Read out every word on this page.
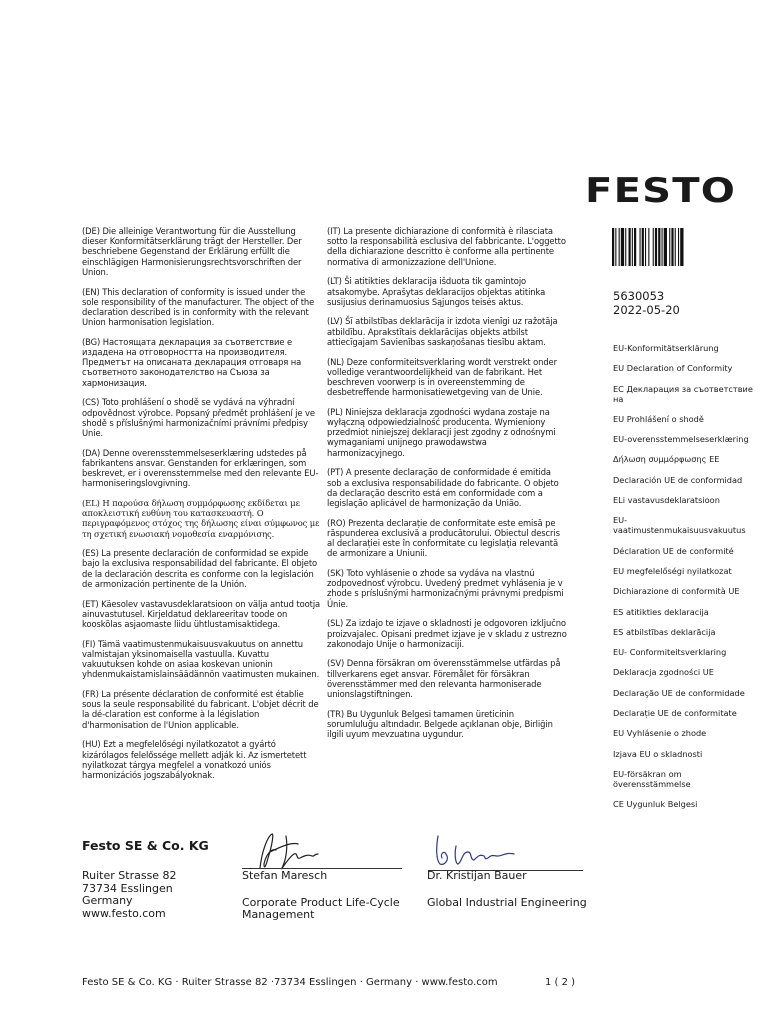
FESTO
5630053
2022-05-20

(DE) Die alleinige Verantwortung für die Ausstellung dieser Konformitätserklärung trägt der Hersteller. Der beschriebene Gegenstand der Erklärung erfüllt die einschlägigen Harmonisierungsrechtsvorschriften der Union.

(EN) This declaration of conformity is issued under the sole responsibility of the manufacturer. The object of the declaration described is in conformity with the relevant Union harmonisation legislation.

(BG) Настоящата декларация за съответствие е издадена на отговорността на производителя. Предметът на описаната декларация отговаря на съответното законодателство на Съюза за хармонизация.

(CS) Toto prohlášení o shodě se vydává na výhradní odpovědnost výrobce. Popsaný předmět prohlášení je ve shodě s příslušnými harmonizačními právními předpisy Unie.

(DA) Denne overensstemmelseserklæring udstedes på fabrikantens ansvar. Genstanden for erklæringen, som beskrevet, er i overensstemmelse med den relevante EU-harmoniseringslovgivning.

(EL) Η παρούσα δήλωση συμμόρφωσης εκδίδεται με αποκλειστική ευθύνη του κατασκευαστή. Ο περιγραφόμενος στόχος της δήλωσης είναι σύμφωνος με τη σχετική ενωσιακή νομοθεσία εναρμόνισης.

(ES) La presente declaración de conformidad se expide bajo la exclusiva responsabilidad del fabricante. El objeto de la declaración descrita es conforme con la legislación de armonización pertinente de la Unión.

(ET) Käesolev vastavusdeklaratsioon on välja antud tootja ainuvastutusel. Kirjeldatud deklareeritav toode on kooskõlas asjaomaste liidu ühtlustamisaktidega.

(FI) Tämä vaatimustenmukaisuusvakuutus on annettu valmistajan yksinomaisella vastuulla. Kuvattu vakuutuksen kohde on asiaa koskevan unionin yhdenmukaistamislainsäädännön vaatimusten mukainen.

(FR) La présente déclaration de conformité est établie sous la seule responsabilité du fabricant. L'objet décrit de la dé-claration est conforme à la législation d'harmonisation de l'Union applicable.

(HU) Ezt a megfelelőségi nyilatkozatot a gyártó kizárólagos felelőssége mellett adják ki. Az ismertetett nyilatkozat tárgya megfelel a vonatkozó uniós harmonizációs jogszabályoknak.

(IT) La presente dichiarazione di conformità è rilasciata sotto la responsabilità esclusiva del fabbricante. L'oggetto della dichiarazione descritto è conforme alla pertinente normativa di armonizzazione dell'Unione.

(LT) Ši atitikties deklaracija išduota tik gamintojo atsakomybe. Aprašytas deklaracijos objektas atitinka susijusius derinamuosius Sąjungos teisės aktus.

(LV) Šī atbilstības deklarācija ir izdota vienīgi uz ražotāja atbildību. Aprakstītais deklarācijas objekts atbilst attiecīgajam Savienības saskaņošanas tiesību aktam.

(NL) Deze conformiteitsverklaring wordt verstrekt onder volledige verantwoordelijkheid van de fabrikant. Het beschreven voorwerp is in overeenstemming de desbetreffende harmonisatiewetgeving van de Unie.

(PL) Niniejsza deklaracja zgodności wydana zostaje na wyłączną odpowiedzialność producenta. Wymieniony przedmiot niniejszej deklaracji jest zgodny z odnośnymi wymaganiami unijnego prawodawstwa harmonizacyjnego.

(PT) A presente declaração de conformidade é emitida sob a exclusiva responsabilidade do fabricante. O objeto da declaração descrito está em conformidade com a legislação aplicável de harmonização da União.

(RO) Prezenta declarație de conformitate este emisă pe răspunderea exclusivă a producătorului. Obiectul descris al declarației este în conformitate cu legislația relevantă de armonizare a Uniunii.

(SK) Toto vyhlásenie o zhode sa vydáva na vlastnú zodpovednosť výrobcu. Uvedený predmet vyhlásenia je v zhode s príslušnými harmonizačnými právnymi predpismi Únie.

(SL) Za izdajo te izjave o skladnosti je odgovoren izključno proizvajalec. Opisani predmet izjave je v skladu z ustrezno zakonodajo Unije o harmonizaciji.

(SV) Denna försäkran om överensstämmelse utfärdas på tillverkarens eget ansvar. Föremålet för försäkran överensstämmer med den relevanta harmoniserade unionslagstiftningen.

(TR) Bu Uygunluk Belgesi tamamen üreticinin sorumluluğu altındadır. Belgede açıklanan obje, Birliğin ilgili uyum mevzuatına uygundur.

EU-Konformitätserklärung
EU Declaration of Conformity
ЕС Декларация за съответствие на
EU Prohlášení o shodě
EU-overensstemmelseserklæring
Δήλωση συμμόρφωσης ΕΕ
Declaración UE de conformidad
ELi vastavusdeklaratsioon
EU-vaatimustenmukaisuusvakuutus
Déclaration UE de conformité
EU megfelelőségi nyilatkozat
Dichiarazione di conformità UE
ES atitikties deklaracija
ES atbilstības deklarācija
EU- Conformiteitsverklaring
Deklaracja zgodności UE
Declaração UE de conformidade
Declarație UE de conformitate
EU Vyhlásenie o zhode
Izjava EU o skladnosti
EU-försäkran om överensstämmelse
CE Uygunluk Belgesi
Festo SE & Co. KG
Ruiter Strasse 82
73734 Esslingen
Germany
www.festo.com
Stefan Maresch
Corporate Product Life-Cycle Management
Dr. Kristijan Bauer
Global Industrial Engineering
Festo SE & Co. KG · Ruiter Strasse 82 ·73734 Esslingen · Germany · www.festo.com	1 ( 2 )
